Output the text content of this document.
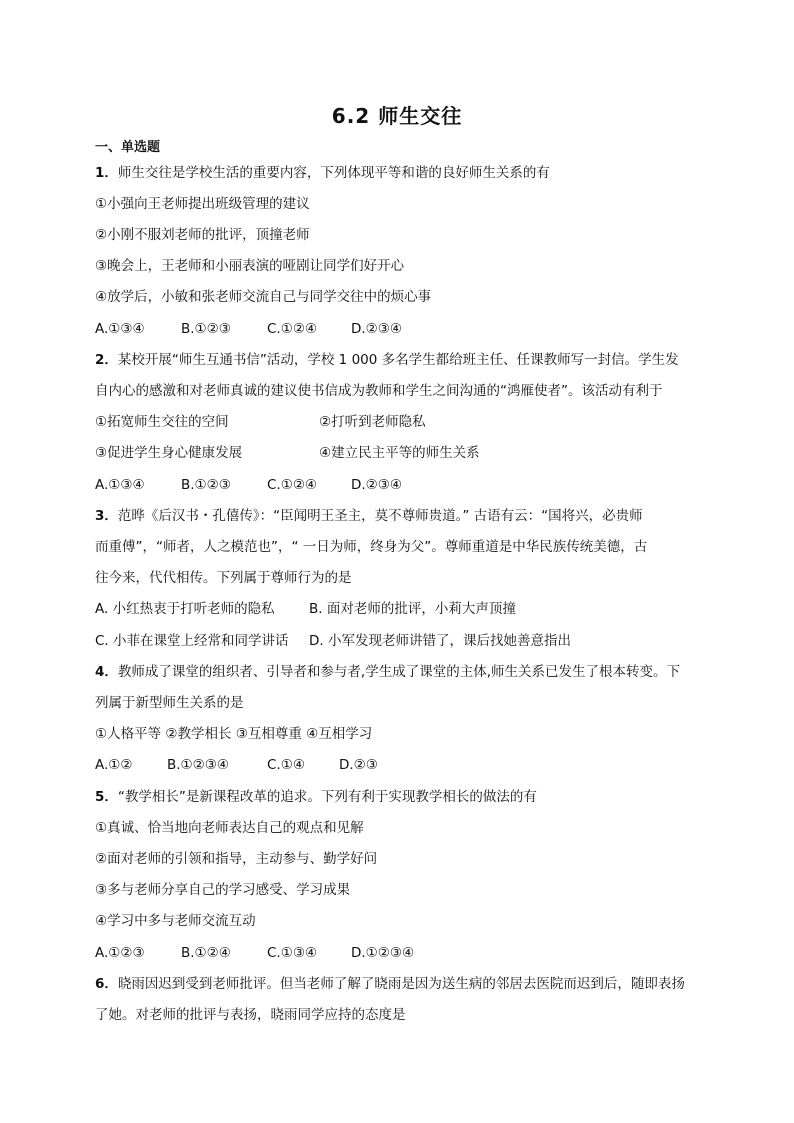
6.2 师生交往
一、单选题
1．师生交往是学校生活的重要内容，下列体现平等和谐的良好师生关系的有
①小强向王老师提出班级管理的建议
②小刚不服刘老师的批评，顶撞老师
③晚会上，王老师和小丽表演的哑剧让同学们好开心
④放学后，小敏和张老师交流自己与同学交往中的烦心事
A.①③④	B.①②③	C.①②④	D.②③④
2．某校开展“师生互通书信”活动，学校 1 000 多名学生都给班主任、任课教师写一封信。学生发
自内心的感激和对老师真诚的建议使书信成为教师和学生之间沟通的“鸿雁使者”。该活动有利于
①拓宽师生交往的空间	②打听到老师隐私
③促进学生身心健康发展	④建立民主平等的师生关系
A.①③④	B.①②③	C.①②④	D.②③④
3．范晔《后汉书・孔僖传》：“臣闻明王圣主，莫不尊师贵道。” 古语有云：“国将兴，必贵师
而重傅”，“师者，人之模范也”，“ 一日为师，终身为父”。尊师重道是中华民族传统美德，古
往今来，代代相传。下列属于尊师行为的是
A. 小红热衷于打听老师的隐私	B. 面对老师的批评，小莉大声顶撞
C. 小菲在课堂上经常和同学讲话 D. 小军发现老师讲错了，课后找她善意指出
4．教师成了课堂的组织者、引导者和参与者,学生成了课堂的主体,师生关系已发生了根本转变。下
列属于新型师生关系的是
①人格平等 ②教学相长 ③互相尊重 ④互相学习
A.①②	B.①②③④	C.①④	D.②③
5．“教学相长”是新课程改革的追求。下列有利于实现教学相长的做法的有
①真诚、恰当地向老师表达自己的观点和见解
②面对老师的引领和指导，主动参与、勤学好问
③多与老师分享自己的学习感受、学习成果
④学习中多与老师交流互动
A.①②③	B.①②④	C.①③④	D.①②③④
6．晓雨因迟到受到老师批评。但当老师了解了晓雨是因为送生病的邻居去医院而迟到后，随即表扬
了她。对老师的批评与表扬，晓雨同学应持的态度是
